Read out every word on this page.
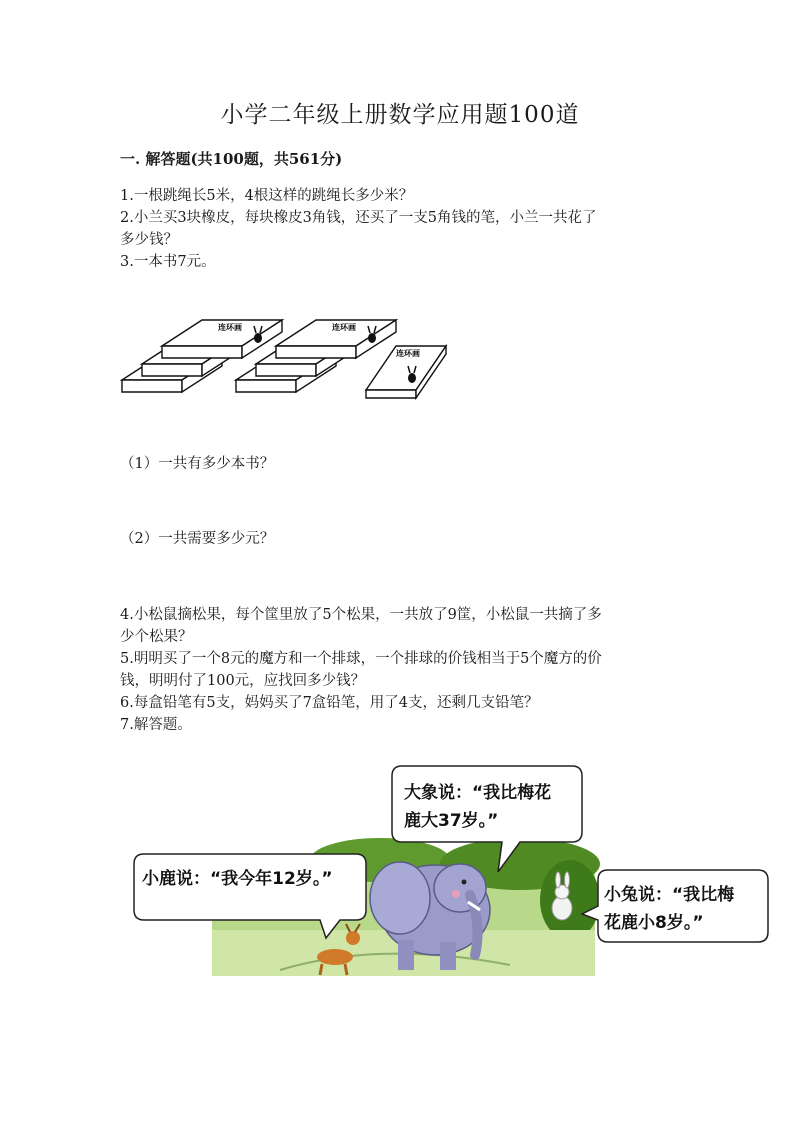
小学二年级上册数学应用题100道
一. 解答题(共100题，共561分)
1.一根跳绳长5米，4根这样的跳绳长多少米？
2.小兰买3块橡皮，每块橡皮3角钱，还买了一支5角钱的笔，小兰一共花了
多少钱？
3.一本书7元。
连环画	连环画
连环画
（1）一共有多少本书？
（2）一共需要多少元？
4.小松鼠摘松果，每个筐里放了5个松果，一共放了9筐，小松鼠一共摘了多
少个松果？
5.明明买了一个8元的魔方和一个排球，一个排球的价钱相当于5个魔方的价
钱，明明付了100元，应找回多少钱？
6.每盒铅笔有5支，妈妈买了7盒铅笔，用了4支，还剩几支铅笔？
7.解答题。
大象说：“我比梅花
鹿大37岁。”
小鹿说：“我今年12岁。”
小兔说：“我比梅
花鹿小8岁。”
